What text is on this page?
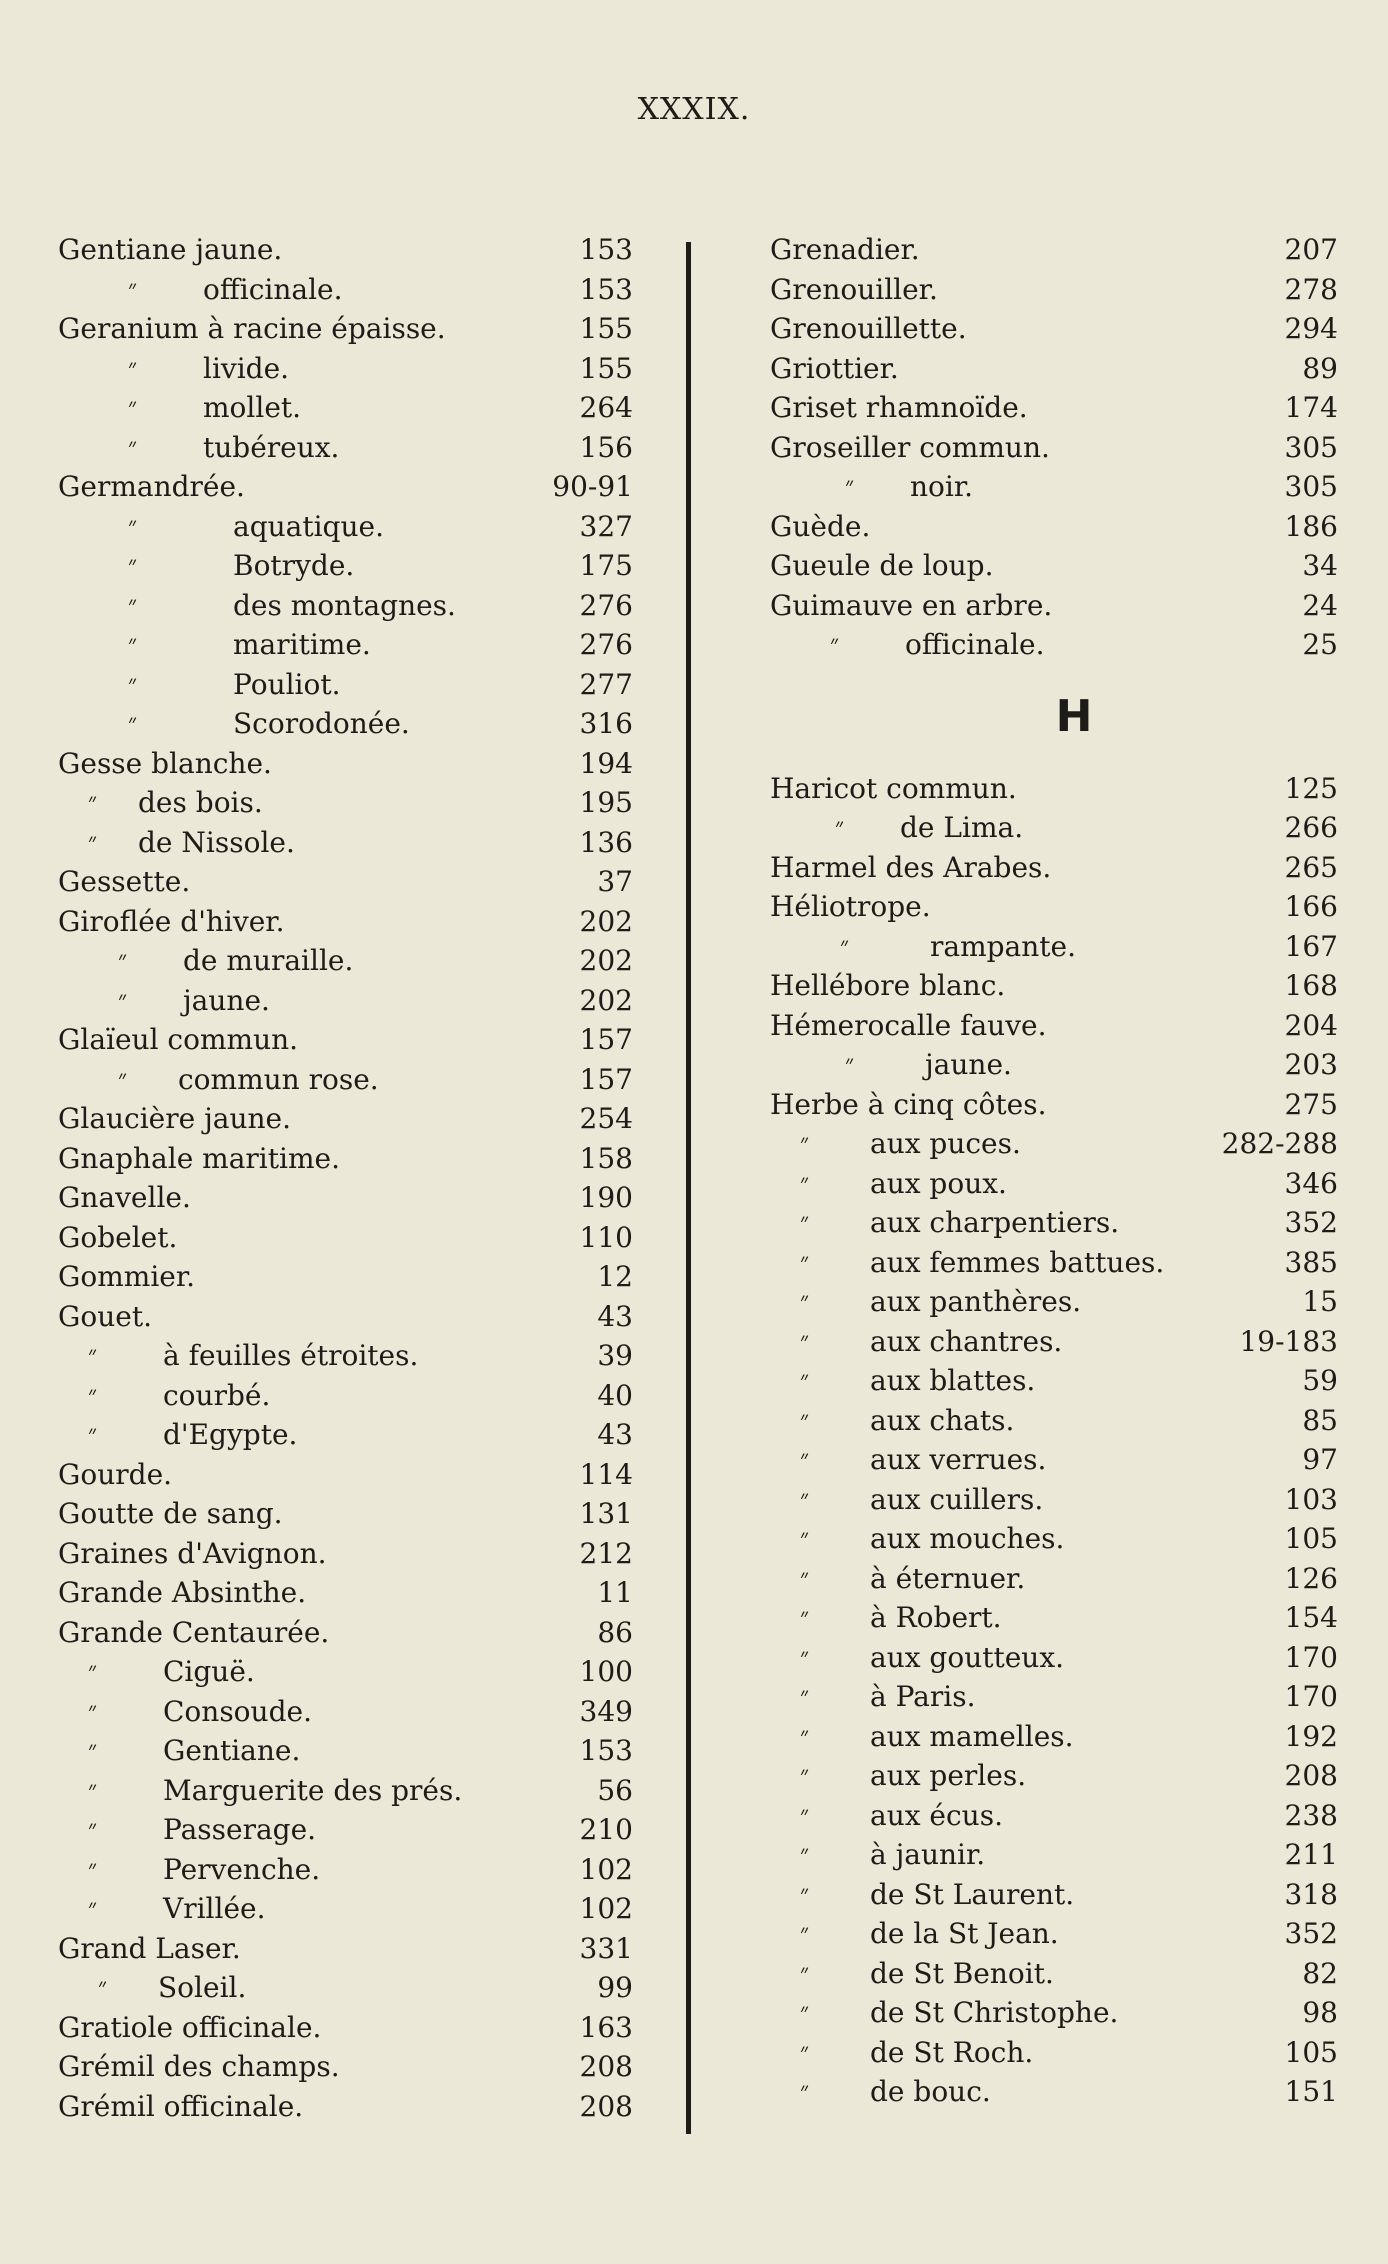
XXXIX.
Gentiane jaune.	153
״ officinale.	153
Geranium à racine épaisse.	155
״ livide.	155
״ mollet.	264
״ tubéreux.	156
Germandrée.	90-91
״	aquatique.	327
״	Botryde.	175
״	des montagnes.	276
״	maritime.	276
״	Pouliot.	277
״	Scorodonée.	316
Gesse blanche.	194
״ des bois.	195
״ de Nissole.	136
Gessette.	37
Giroflée d'hiver.	202
״ de muraille.	202
״ jaune.	202
Glaïeul commun.	157
״ commun rose.	157
Glaucière jaune.	254
Gnaphale maritime.	158
Gnavelle.	190
Gobelet.	110
Gommier.	12
Gouet.	43
״ à feuilles étroites.	39
״ courbé.	40
״ d'Egypte.	43
Gourde.	114
Goutte de sang.	131
Graines d'Avignon.	212
Grande Absinthe.	11
Grande Centaurée.	86
״ Ciguë.	100
״ Consoude.	349
״ Gentiane.	153
״ Marguerite des prés.	56
״ Passerage.	210
״ Pervenche.	102
״ Vrillée.	102
Grand Laser.	331
״ Soleil.	99
Gratiole officinale.	163
Grémil des champs.	208
Grémil officinale.	208
Grenadier.	207
Grenouiller.	278
Grenouillette.	294
Griottier.	89
Griset rhamnoïde.	174
Groseiller commun.	305
״ noir.	305
Guède.	186
Gueule de loup.	34
Guimauve en arbre.	24
״ officinale.	25
H
Haricot commun.	125
״ de Lima.	266
Harmel des Arabes.	265
Héliotrope.	166
״	rampante.	167
Hellébore blanc.	168
Hémerocalle fauve.	204
״	jaune.	203
Herbe à cinq côtes.	275
״ aux puces.	282-288
״ aux poux.	346
״ aux charpentiers.	352
״ aux femmes battues.	385
״ aux panthères.	15
״ aux chantres.	19-183
״ aux blattes.	59
״ aux chats.	85
״ aux verrues.	97
״ aux cuillers.	103
״ aux mouches.	105
״ à éternuer.	126
״ à Robert.	154
״ aux goutteux.	170
״ à Paris.	170
״ aux mamelles.	192
״ aux perles.	208
״ aux écus.	238
״ à jaunir.	211
״ de St Laurent.	318
״ de la St Jean.	352
״ de St Benoit.	82
״ de St Christophe.	98
״ de St Roch.	105
״ de bouc.	151
